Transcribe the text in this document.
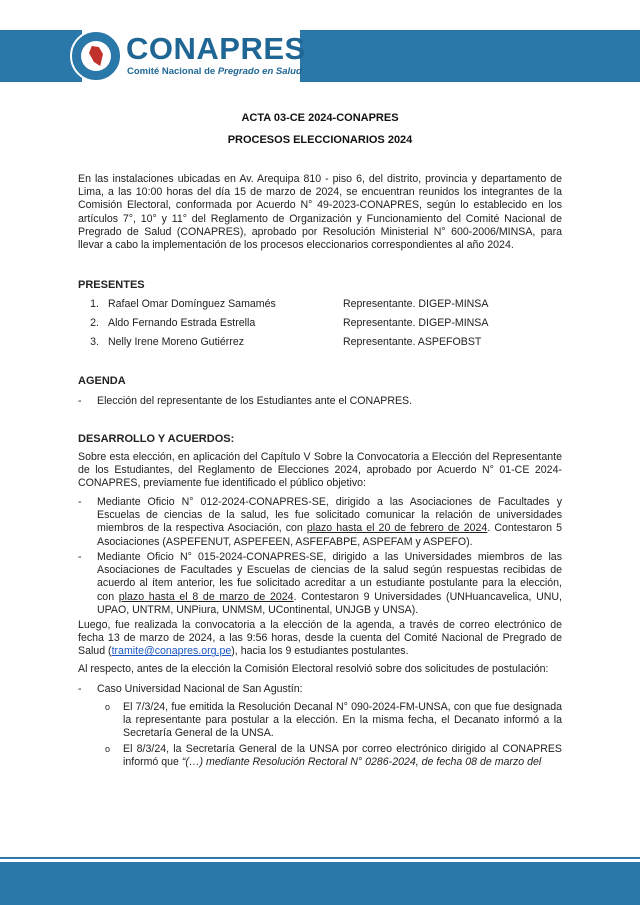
CONAPRES
Comité Nacional de Pregrado en Salud
ACTA 03-CE 2024-CONAPRES
PROCESOS ELECCIONARIOS 2024

En las instalaciones ubicadas en Av. Arequipa 810 - piso 6, del distrito, provincia y departamento de Lima, a las 10:00 horas del día 15 de marzo de 2024, se encuentran reunidos los integrantes de la Comisión Electoral, conformada por Acuerdo N° 49-2023-CONAPRES, según lo establecido en los artículos 7°, 10° y 11° del Reglamento de Organización y Funcionamiento del Comité Nacional de Pregrado de Salud (CONAPRES), aprobado por Resolución Ministerial N° 600-2006/MINSA, para llevar a cabo la implementación de los procesos eleccionarios correspondientes al año 2024.

PRESENTES
1. Rafael Omar Domínguez Samamés	Representante. DIGEP-MINSA
2. Aldo Fernando Estrada Estrella	Representante. DIGEP-MINSA
3. Nelly Irene Moreno Gutiérrez	Representante. ASPEFOBST
AGENDA
- Elección del representante de los Estudiantes ante el CONAPRES.
DESARROLLO Y ACUERDOS:

Sobre esta elección, en aplicación del Capítulo V Sobre la Convocatoria a Elección del Representante de los Estudiantes, del Reglamento de Elecciones 2024, aprobado por Acuerdo N° 01-CE 2024-CONAPRES, previamente fue identificado el público objetivo:

- Mediante Oficio N° 012-2024-CONAPRES-SE, dirigido a las Asociaciones de Facultades y Escuelas de ciencias de la salud, les fue solicitado comunicar la relación de universidades miembros de la respectiva Asociación, con plazo hasta el 20 de febrero de 2024. Contestaron 5 Asociaciones (ASPEFENUT, ASPEFEEN, ASFEFABPE, ASPEFAM y ASPEFO).
- Mediante Oficio N° 015-2024-CONAPRES-SE, dirigido a las Universidades miembros de las Asociaciones de Facultades y Escuelas de ciencias de la salud según respuestas recibidas de acuerdo al ítem anterior, les fue solicitado acreditar a un estudiante postulante para la elección, con plazo hasta el 8 de marzo de 2024. Contestaron 9 Universidades (UNHuancavelica, UNU, UPAO, UNTRM, UNPiura, UNMSM, UContinental, UNJGB y UNSA).

Luego, fue realizada la convocatoria a la elección de la agenda, a través de correo electrónico de fecha 13 de marzo de 2024, a las 9:56 horas, desde la cuenta del Comité Nacional de Pregrado de Salud (tramite@conapres.org.pe), hacia los 9 estudiantes postulantes.

Al respecto, antes de la elección la Comisión Electoral resolvió sobre dos solicitudes de postulación:

- Caso Universidad Nacional de San Agustín:
o El 7/3/24, fue emitida la Resolución Decanal N° 090-2024-FM-UNSA, con que fue designada la representante para postular a la elección. En la misma fecha, el Decanato informó a la Secretaría General de la UNSA.
o El 8/3/24, la Secretaría General de la UNSA por correo electrónico dirigido al CONAPRES informó que “(…) mediante Resolución Rectoral N° 0286-2024, de fecha 08 de marzo del
